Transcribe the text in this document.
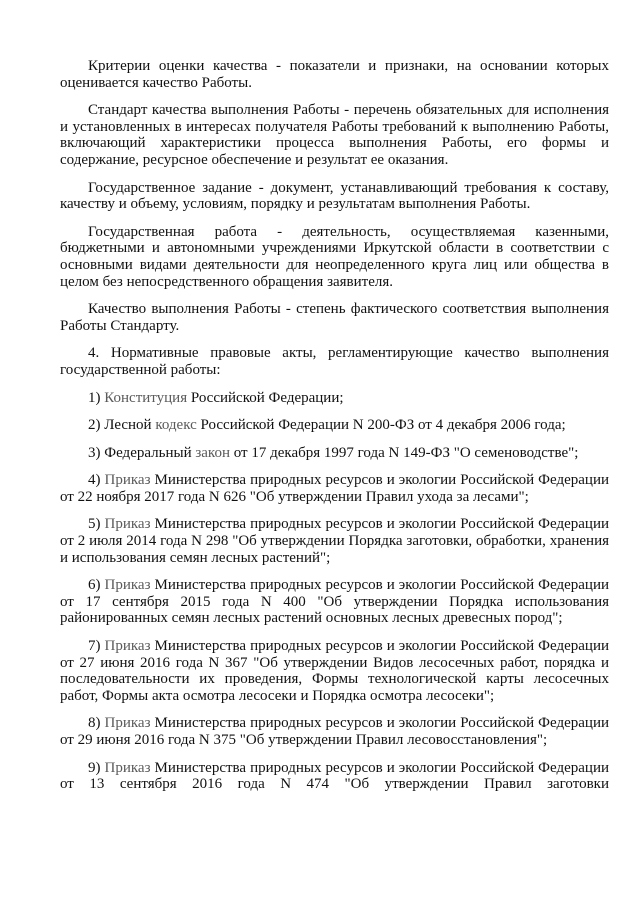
Критерии оценки качества - показатели и признаки, на основании которых оценивается качество Работы.

Стандарт качества выполнения Работы - перечень обязательных для исполнения и установленных в интересах получателя Работы требований к выполнению Работы, включающий характеристики процесса выполнения Работы, его формы и содержание, ресурсное обеспечение и результат ее оказания.

Государственное задание - документ, устанавливающий требования к составу, качеству и объему, условиям, порядку и результатам выполнения Работы.

Государственная работа - деятельность, осуществляемая казенными, бюджетными и автономными учреждениями Иркутской области в соответствии с основными видами деятельности для неопределенного круга лиц или общества в целом без непосредственного обращения заявителя.

Качество выполнения Работы - степень фактического соответствия выполнения Работы Стандарту.

4. Нормативные правовые акты, регламентирующие качество выполнения государственной работы:

1) Конституция Российской Федерации;

2) Лесной кодекс Российской Федерации N 200-ФЗ от 4 декабря 2006 года;

3) Федеральный закон от 17 декабря 1997 года N 149-ФЗ "О семеноводстве";

4) Приказ Министерства природных ресурсов и экологии Российской Федерации от 22 ноября 2017 года N 626 "Об утверждении Правил ухода за лесами";

5) Приказ Министерства природных ресурсов и экологии Российской Федерации от 2 июля 2014 года N 298 "Об утверждении Порядка заготовки, обработки, хранения и использования семян лесных растений";

6) Приказ Министерства природных ресурсов и экологии Российской Федерации от 17 сентября 2015 года N 400 "Об утверждении Порядка использования районированных семян лесных растений основных лесных древесных пород";

7) Приказ Министерства природных ресурсов и экологии Российской Федерации от 27 июня 2016 года N 367 "Об утверждении Видов лесосечных работ, порядка и последовательности их проведения, Формы технологической карты лесосечных работ, Формы акта осмотра лесосеки и Порядка осмотра лесосеки";

8) Приказ Министерства природных ресурсов и экологии Российской Федерации от 29 июня 2016 года N 375 "Об утверждении Правил лесовосстановления";

9) Приказ Министерства природных ресурсов и экологии Российской Федерации от 13 сентября 2016 года N 474 "Об утверждении Правил заготовки
